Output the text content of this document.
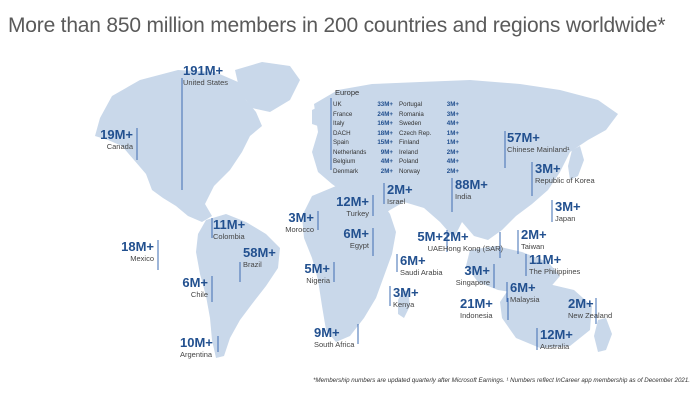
More than 850 million members in 200 countries and regions worldwide*
191M+
United States
19M+
Canada
18M+
Mexico
11M+
Colombia
58M+
Brazil
6M+
Chile
10M+
Argentina
3M+
Morocco
12M+
Turkey
6M+
Egypt
5M+
Nigeria
9M+
South Africa
2M+
Israel
5M+
UAE
6M+
Saudi Arabia
3M+
Kenya
88M+
India
57M+
Chinese Mainland¹
3M+
Republic of Korea
3M+
Japan
2M+
Hong Kong (SAR)
2M+
Taiwan
11M+
The Philippines
3M+
Singapore 6M+
Malaysia
21M+
Indonesia
2M+
New Zealand
12M+
Australia
Europe
UK	33M+
France	24M+
Italy	16M+
DACH	18M+
Spain	15M+
Netherlands 9M+
Belgium	4M+
Denmark	2M+
Portugal	3M+
Romania	3M+
Sweden	4M+
Czech Rep. 1M+
Finland	1M+
Ireland	2M+
Poland	4M+
Norway	2M+
*Membership numbers are updated quarterly after Microsoft Earnings. ¹ Numbers reflect InCareer app membership as of December 2021.
